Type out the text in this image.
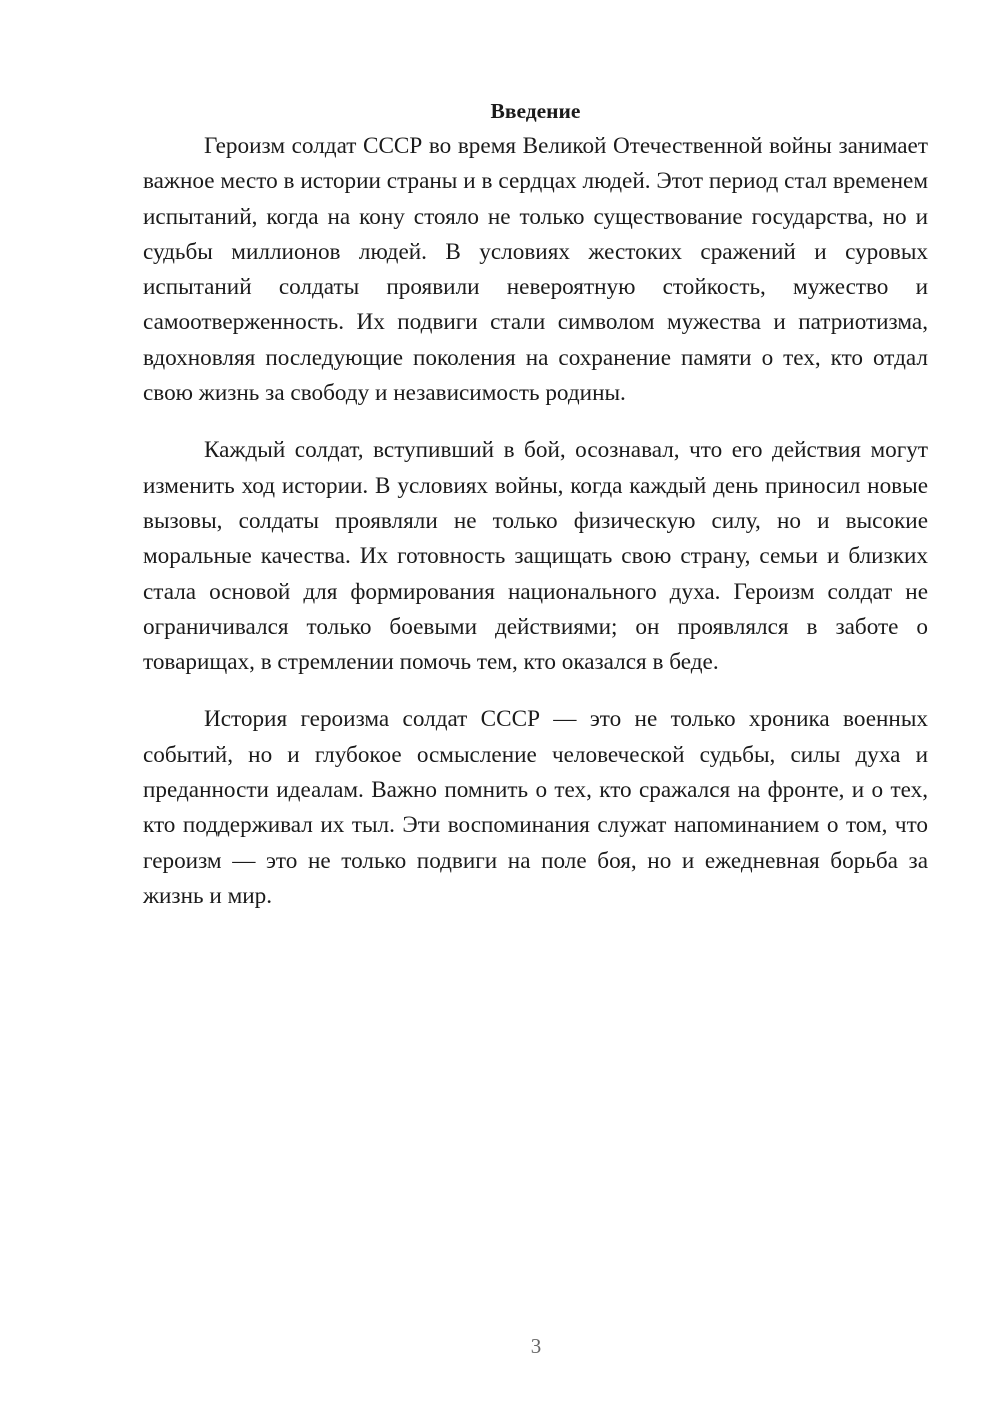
Введение

Героизм солдат СССР во время Великой Отечественной войны занимает важное место в истории страны и в сердцах людей. Этот период стал временем испытаний, когда на кону стояло не только существование государства, но и судьбы миллионов людей. В условиях жестоких сражений и суровых испытаний солдаты проявили невероятную стойкость, мужество и самоотверженность. Их подвиги стали символом мужества и патриотизма, вдохновляя последующие поколения на сохранение памяти о тех, кто отдал свою жизнь за свободу и независимость родины.

Каждый солдат, вступивший в бой, осознавал, что его действия могут изменить ход истории. В условиях войны, когда каждый день приносил новые вызовы, солдаты проявляли не только физическую силу, но и высокие моральные качества. Их готовность защищать свою страну, семьи и близких стала основой для формирования национального духа. Героизм солдат не ограничивался только боевыми действиями; он проявлялся в заботе о товарищах, в стремлении помочь тем, кто оказался в беде.

История героизма солдат СССР — это не только хроника военных событий, но и глубокое осмысление человеческой судьбы, силы духа и преданности идеалам. Важно помнить о тех, кто сражался на фронте, и о тех, кто поддерживал их тыл. Эти воспоминания служат напоминанием о том, что героизм — это не только подвиги на поле боя, но и ежедневная борьба за жизнь и мир.

3
